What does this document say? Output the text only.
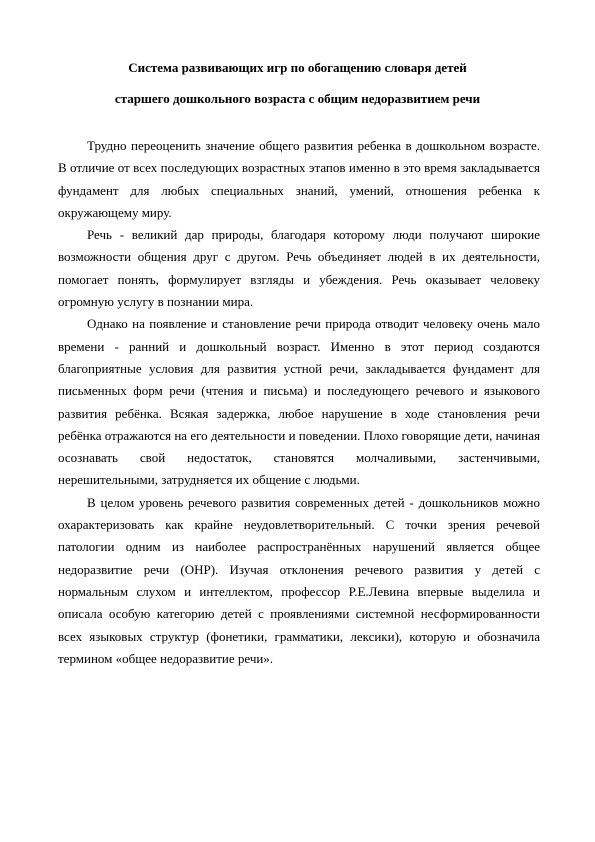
Система развивающих игр по обогащению словаря детей
старшего дошкольного возраста с общим недоразвитием речи

Трудно переоценить значение общего развития ребенка в дошкольном возрасте. В отличие от всех последующих возрастных этапов именно в это время закладывается фундамент для любых специальных знаний, умений, отношения ребенка к окружающему миру.

Речь - великий дар природы, благодаря которому люди получают широкие возможности общения друг с другом. Речь объединяет людей в их деятельности, помогает понять, формулирует взгляды и убеждения. Речь оказывает человеку огромную услугу в познании мира.

Однако на появление и становление речи природа отводит человеку очень мало времени - ранний и дошкольный возраст. Именно в этот период создаются благоприятные условия для развития устной речи, закладывается фундамент для письменных форм речи (чтения и письма) и последующего речевого и языкового развития ребёнка. Всякая задержка, любое нарушение в ходе становления речи ребёнка отражаются на его деятельности и поведении. Плохо говорящие дети, начиная осознавать свой недостаток, становятся молчаливыми, застенчивыми, нерешительными, затрудняется их общение с людьми.

В целом уровень речевого развития современных детей - дошкольников можно охарактеризовать как крайне неудовлетворительный. С точки зрения речевой патологии одним из наиболее распространённых нарушений является общее недоразвитие речи (ОНР). Изучая отклонения речевого развития у детей с нормальным слухом и интеллектом, профессор Р.Е.Левина впервые выделила и описала особую категорию детей с проявлениями системной несформированности всех языковых структур (фонетики, грамматики, лексики), которую и обозначила термином «общее недоразвитие речи».
